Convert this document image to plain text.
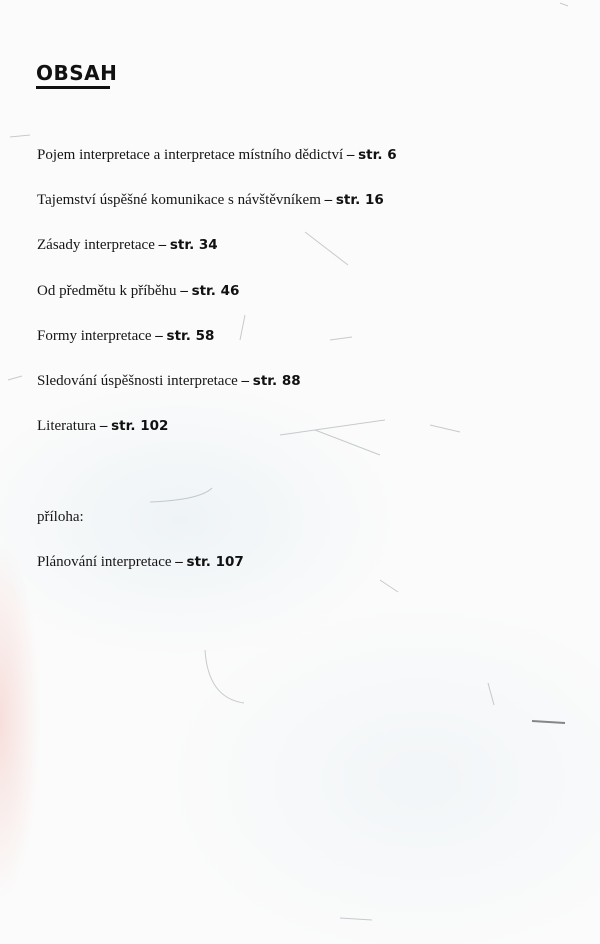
OBSAH

Pojem interpretace a interpretace místního dědictví – str. 6

Tajemství úspěšné komunikace s návštěvníkem – str. 16

Zásady interpretace – str. 34

Od předmětu k příběhu – str. 46

Formy interpretace – str. 58

Sledování úspěšnosti interpretace – str. 88

Literatura – str. 102

příloha:

Plánování interpretace – str. 107
